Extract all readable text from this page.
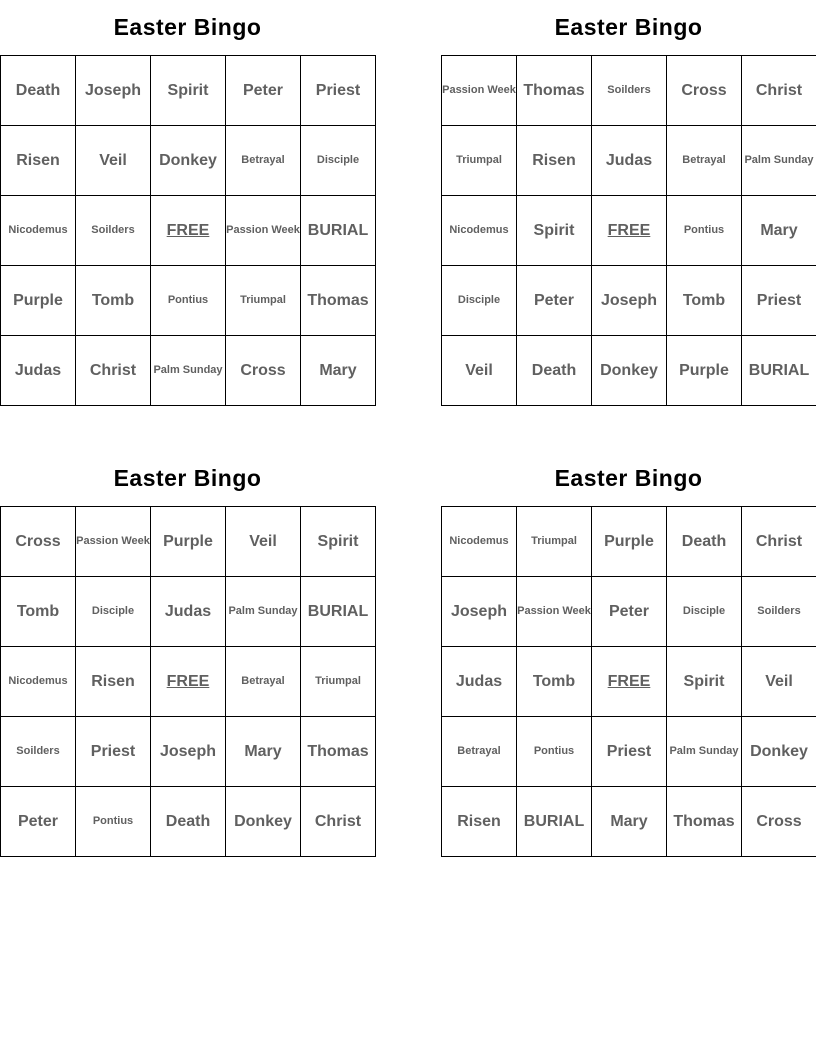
Easter Bingo
Death	Joseph	Spirit	Peter	Priest
Risen	Veil	Donkey	Betrayal	Disciple
Nicodemus	Soilders	FREE	Passion Week	BURIAL
Purple	Tomb	Pontius	Triumpal	Thomas
Judas	Christ	Palm Sunday	Cross	Mary
Easter Bingo
Passion Week	Thomas	Soilders	Cross	Christ
Triumpal	Risen	Judas	Betrayal	Palm Sunday
Nicodemus	Spirit	FREE	Pontius	Mary
Disciple	Peter	Joseph	Tomb	Priest
Veil	Death	Donkey	Purple	BURIAL
Easter Bingo
Cross	Passion Week	Purple	Veil	Spirit
Tomb	Disciple	Judas	Palm Sunday	BURIAL
Nicodemus	Risen	FREE	Betrayal	Triumpal
Soilders	Priest	Joseph	Mary	Thomas
Peter	Pontius	Death	Donkey	Christ
Easter Bingo
Nicodemus	Triumpal	Purple	Death	Christ
Joseph	Passion Week	Peter	Disciple	Soilders
Judas	Tomb	FREE	Spirit	Veil
Betrayal	Pontius	Priest	Palm Sunday	Donkey
Risen	BURIAL	Mary	Thomas	Cross
